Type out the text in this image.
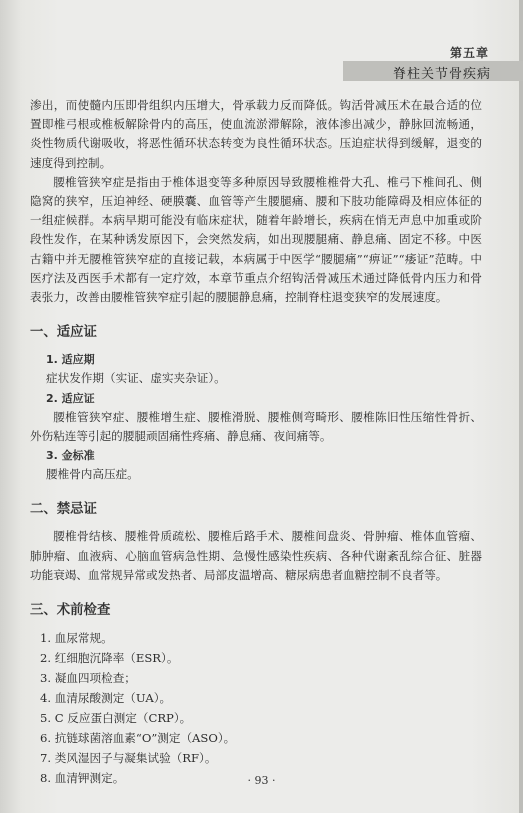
第五章
脊柱关节骨疾病

渗出，而使髓内压即骨组织内压增大，骨承载力反而降低。钩活骨减压术在最合适的位置即椎弓根或椎板解除骨内的高压，使血流淤滞解除，液体渗出减少，静脉回流畅通，炎性物质代谢吸收，将恶性循环状态转变为良性循环状态。压迫症状得到缓解，退变的速度得到控制。

腰椎管狭窄症是指由于椎体退变等多种原因导致腰椎椎骨大孔、椎弓下椎间孔、侧隐窝的狭窄，压迫神经、硬膜囊、血管等产生腰腿痛、腰和下肢功能障碍及相应体征的一组症候群。本病早期可能没有临床症状，随着年龄增长，疾病在悄无声息中加重或阶段性发作，在某种诱发原因下，会突然发病，如出现腰腿痛、静息痛、固定不移。中医古籍中并无腰椎管狭窄症的直接记载，本病属于中医学“腰腿痛”“痹证”“痿证”范畴。中医疗法及西医手术都有一定疗效，本章节重点介绍钩活骨减压术通过降低骨内压力和骨表张力，改善由腰椎管狭窄症引起的腰腿静息痛，控制脊柱退变狭窄的发展速度。

一、适应证
1. 适应期

症状发作期（实证、虚实夹杂证）。

2. 适应证

腰椎管狭窄症、腰椎增生症、腰椎滑脱、腰椎侧弯畸形、腰椎陈旧性压缩性骨折、外伤粘连等引起的腰腿顽固痛性疼痛、静息痛、夜间痛等。

3. 金标准

腰椎骨内高压症。

二、禁忌证

腰椎骨结核、腰椎骨质疏松、腰椎后路手术、腰椎间盘炎、骨肿瘤、椎体血管瘤、肺肿瘤、血液病、心脑血管病急性期、急慢性感染性疾病、各种代谢紊乱综合征、脏器功能衰竭、血常规异常或发热者、局部皮温增高、糖尿病患者血糖控制不良者等。

三、术前检查
1. 血尿常规。
2. 红细胞沉降率（ESR）。
3. 凝血四项检查；
4. 血清尿酸测定（UA）。
5. C 反应蛋白测定（CRP）。
6. 抗链球菌溶血素“O”测定（ASO）。
7. 类风湿因子与凝集试验（RF）。
8. 血清钾测定。	· 93 ·
